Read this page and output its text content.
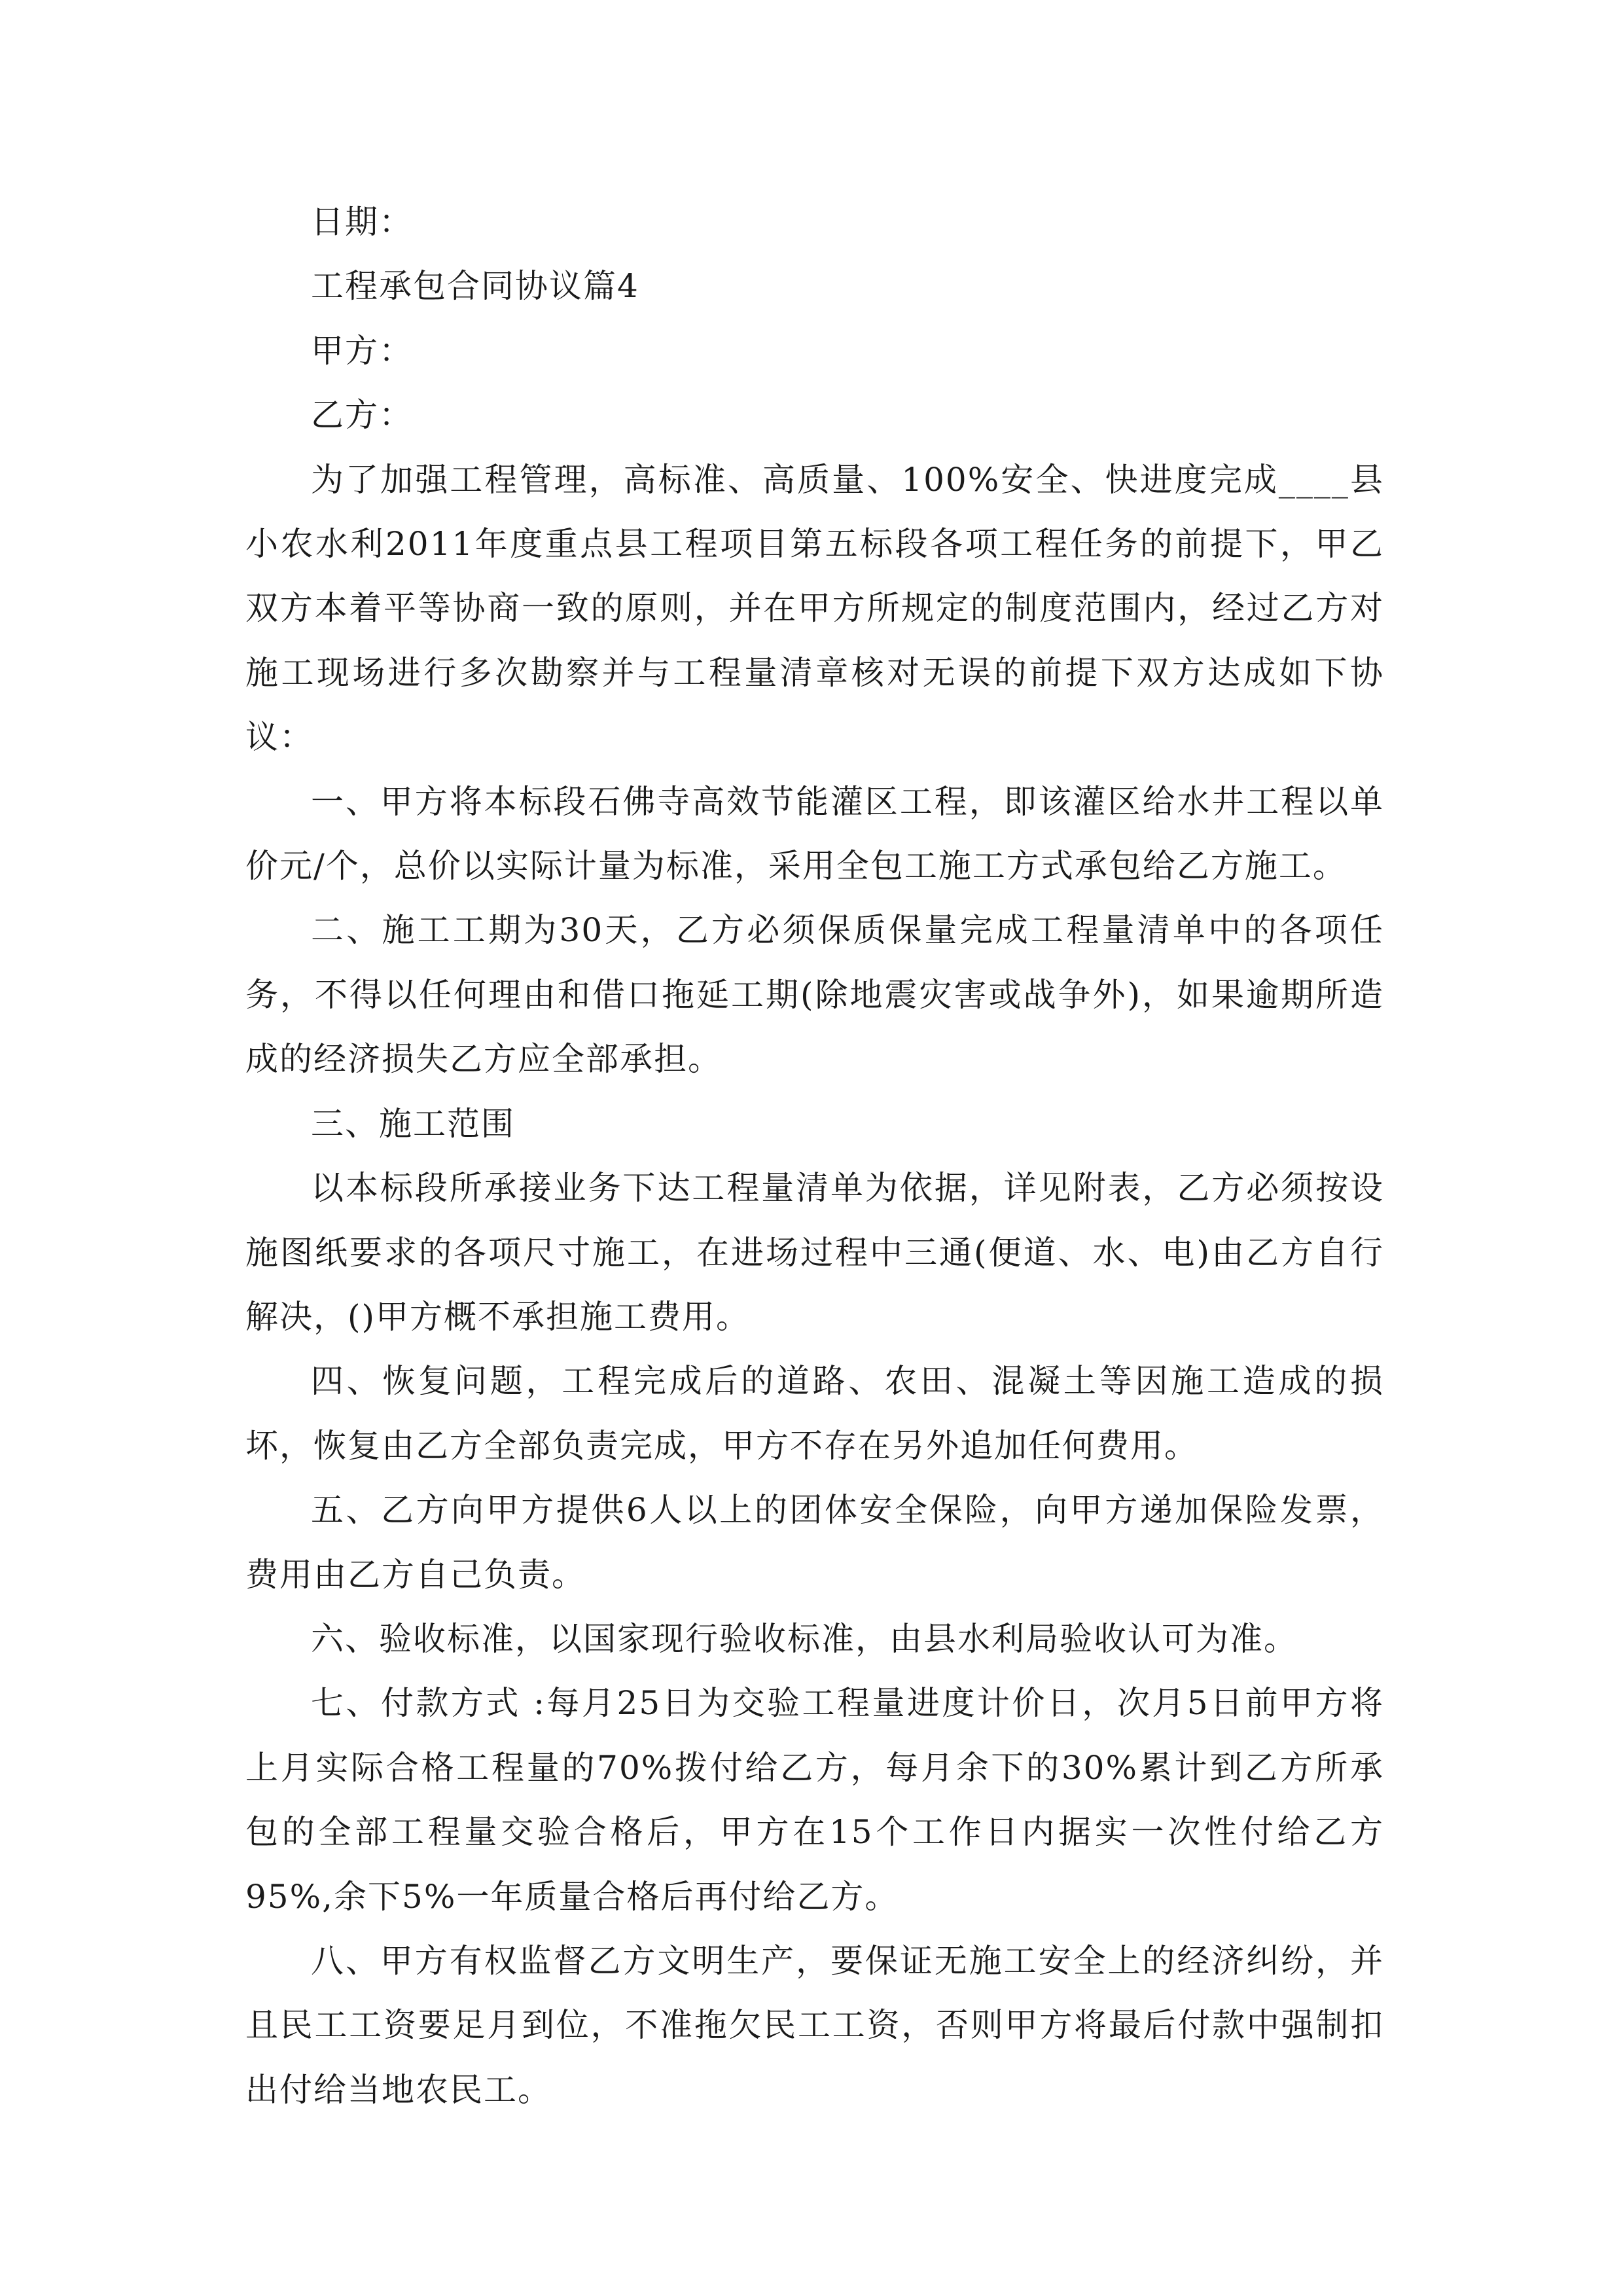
日期：

工程承包合同协议篇4

甲方：

乙方：

为了加强工程管理，高标准、高质量、100%安全、快进度完成____县小农水利2011年度重点县工程项目第五标段各项工程任务的前提下，甲乙双方本着平等协商一致的原则，并在甲方所规定的制度范围内，经过乙方对施工现场进行多次勘察并与工程量清章核对无误的前提下双方达成如下协议：

一、甲方将本标段石佛寺高效节能灌区工程，即该灌区给水井工程以单价元/个，总价以实际计量为标准，采用全包工施工方式承包给乙方施工。

二、施工工期为30天，乙方必须保质保量完成工程量清单中的各项任务，不得以任何理由和借口拖延工期(除地震灾害或战争外)，如果逾期所造成的经济损失乙方应全部承担。

三、施工范围

以本标段所承接业务下达工程量清单为依据，详见附表，乙方必须按设施图纸要求的各项尺寸施工，在进场过程中三通(便道、水、电)由乙方自行解决，()甲方概不承担施工费用。

四、恢复问题，工程完成后的道路、农田、混凝土等因施工造成的损坏，恢复由乙方全部负责完成，甲方不存在另外追加任何费用。

五、乙方向甲方提供6人以上的团体安全保险，向甲方递加保险发票，费用由乙方自己负责。

六、验收标准，以国家现行验收标准，由县水利局验收认可为准。

七、付款方式 :每月25日为交验工程量进度计价日，次月5日前甲方将上月实际合格工程量的70%拨付给乙方，每月余下的30%累计到乙方所承包的全部工程量交验合格后，甲方在15个工作日内据实一次性付给乙方95%,余下5%一年质量合格后再付给乙方。

八、甲方有权监督乙方文明生产，要保证无施工安全上的经济纠纷，并且民工工资要足月到位，不准拖欠民工工资，否则甲方将最后付款中强制扣出付给当地农民工。
